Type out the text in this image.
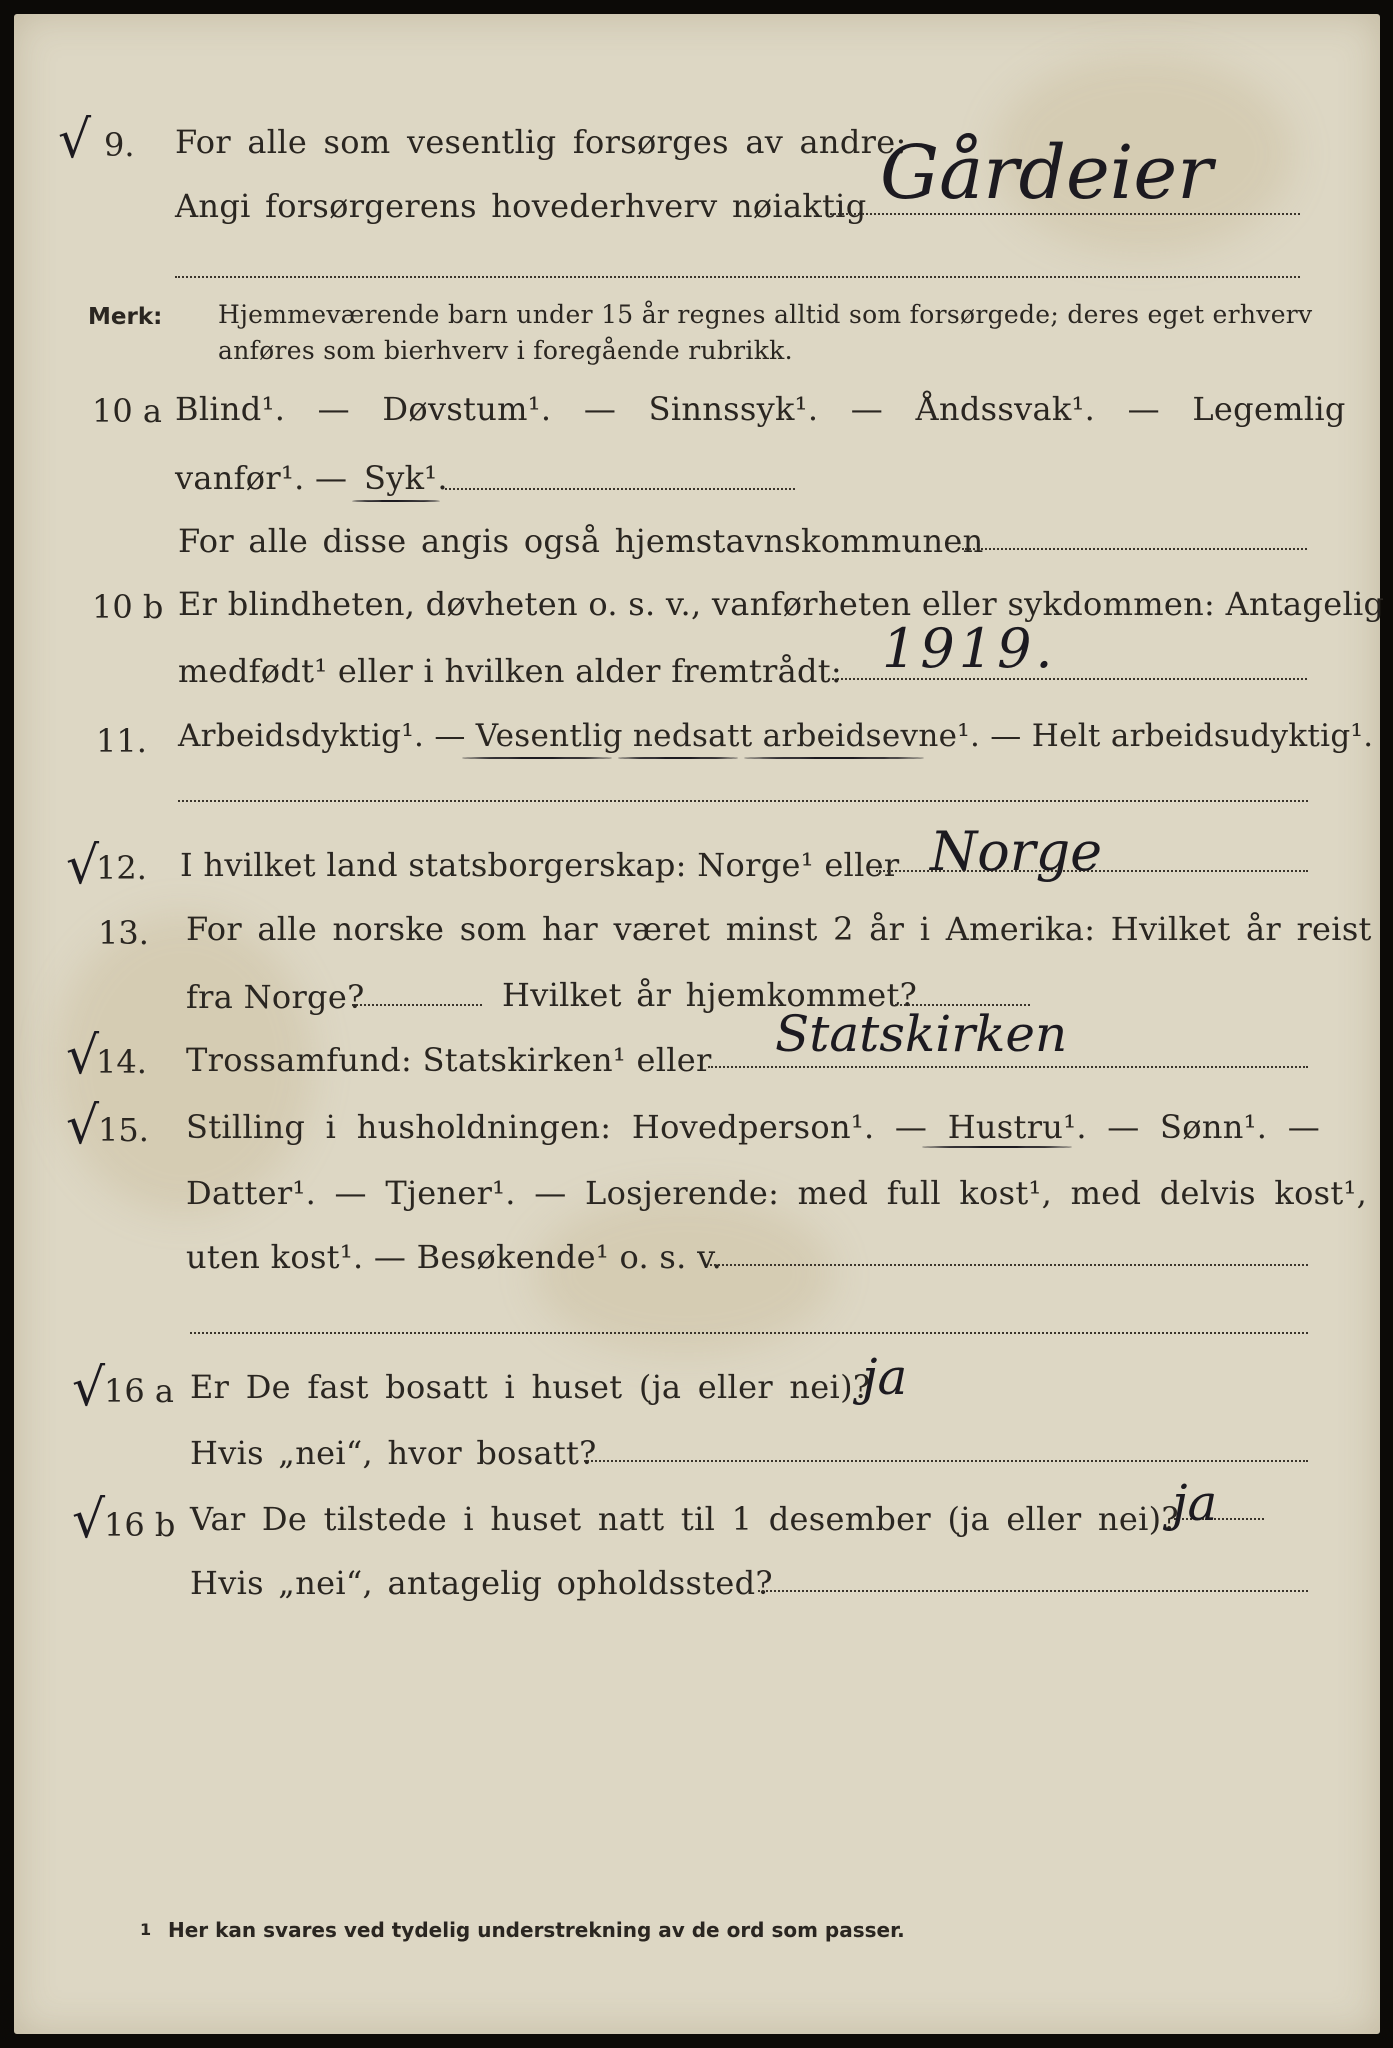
√ 9. For alle som vesentlig forsørges av andre:
Angi forsørgerens hovederhverv nøiaktig Gårdeier
Merk: Hjemmeværende barn under 15 år regnes alltid som forsørgede; deres eget erhverv
anføres som bierhverv i foregående rubrikk.
10 a Blind¹. — Døvstum¹. — Sinnssyk¹. — Åndssvak¹. — Legemlig
vanfør¹. — Syk¹.
For alle disse angis også hjemstavnskommunen
10 b Er blindheten, døvheten o. s. v., vanførheten eller sykdommen: Antagelig
medfødt¹ eller i hvilken alder fremtrådt: 1919.
11. Arbeidsdyktig¹. — Vesentlig nedsatt arbeidsevne¹. — Helt arbeidsudyktig¹.
√
12. I hvilket land statsborgerskap: Norge¹ eller Norge
13. For alle norske som har været minst 2 år i Amerika: Hvilket år reist
fra Norge?	Hvilket år hjemkommet?
√
14. Trossamfund: Statskirken¹ eller Statskirken
√
15. Stilling i husholdningen: Hovedperson¹. — Hustru¹. — Sønn¹. —
Datter¹. — Tjener¹. — Losjerende: med full kost¹, med delvis kost¹,
uten kost¹. — Besøkende¹ o. s. v.
√
16 a Er De fast bosatt i huset (ja eller nei)?
ja
Hvis „nei“, hvor bosatt?
√
16 b Var De tilstede i huset natt til 1 desember (ja eller nei)?
ja
Hvis „nei“, antagelig opholdssted?
1 Her kan svares ved tydelig understrekning av de ord som passer.
